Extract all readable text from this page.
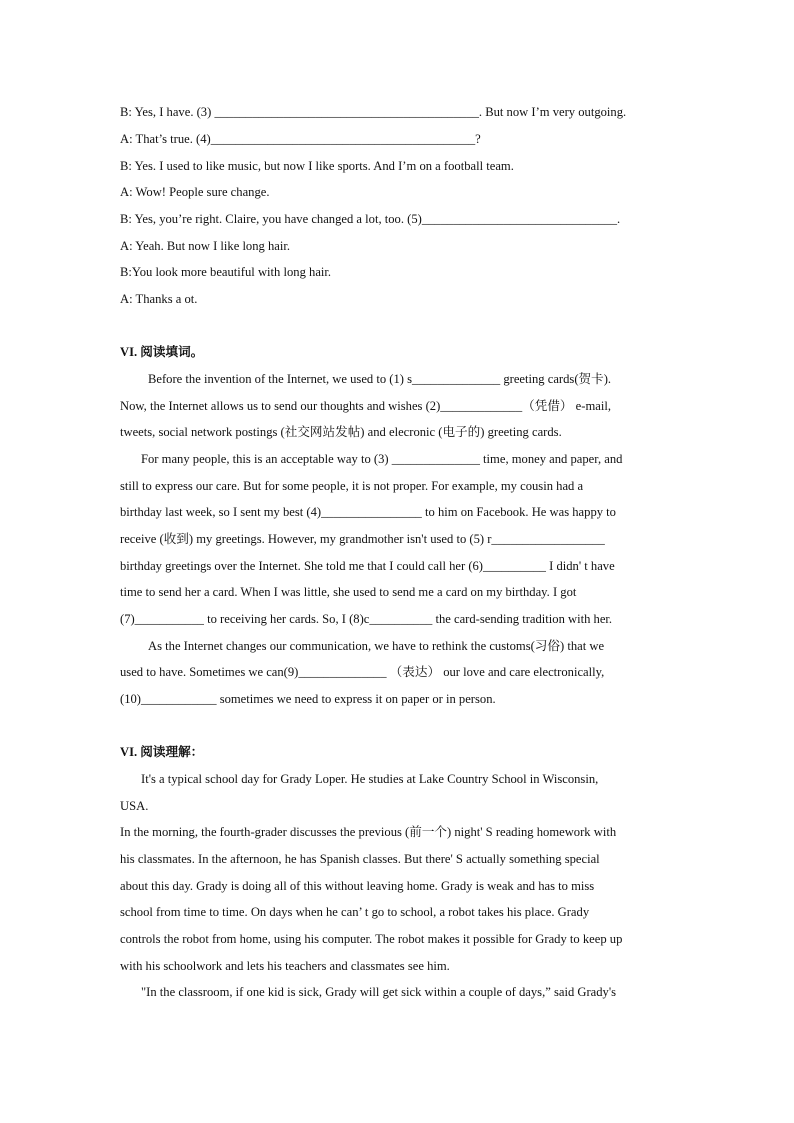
B: Yes, I have. (3) __________________________________________. But now I’m very outgoing.
A: That’s true. (4)__________________________________________?
B: Yes. I used to like music, but now I like sports. And I’m on a football team.
A: Wow! People sure change.
B: Yes, you’re right. Claire, you have changed a lot, too. (5)_______________________________.
A: Yeah. But now I like long hair.
B:You look more beautiful with long hair.
A: Thanks a ot.
VI. 阅读填词。
Before the invention of the Internet, we used to (1) s______________ greeting cards(贺卡).
Now, the Internet allows us to send our thoughts and wishes (2)_____________（凭借） e-mail,
tweets, social network postings (社交网站发帖) and elecronic (电子的) greeting cards.
For many people, this is an acceptable way to (3) ______________ time, money and paper, and
still to express our care. But for some people, it is not proper. For example, my cousin had a
birthday last week, so I sent my best (4)________________ to him on Facebook. He was happy to
receive (收到) my greetings. However, my grandmother isn't used to (5) r__________________
birthday greetings over the Internet. She told me that I could call her (6)__________ I didn' t have
time to send her a card. When I was little, she used to send me a card on my birthday. I got
(7)___________ to receiving her cards. So, I (8)c__________ the card-sending tradition with her.
As the Internet changes our communication, we have to rethink the customs(习俗) that we
used to have. Sometimes we can(9)______________ （表达） our love and care electronically,
(10)____________ sometimes we need to express it on paper or in person.
VI. 阅读理解：
It's a typical school day for Grady Loper. He studies at Lake Country School in Wisconsin,
USA.
In the morning, the fourth-grader discusses the previous (前一个) night' S reading homework with
his classmates. In the afternoon, he has Spanish classes. But there' S actually something special
about this day. Grady is doing all of this without leaving home. Grady is weak and has to miss
school from time to time. On days when he can’ t go to school, a robot takes his place. Grady
controls the robot from home, using his computer. The robot makes it possible for Grady to keep up
with his schoolwork and lets his teachers and classmates see him.
"In the classroom, if one kid is sick, Grady will get sick within a couple of days,” said Grady's
